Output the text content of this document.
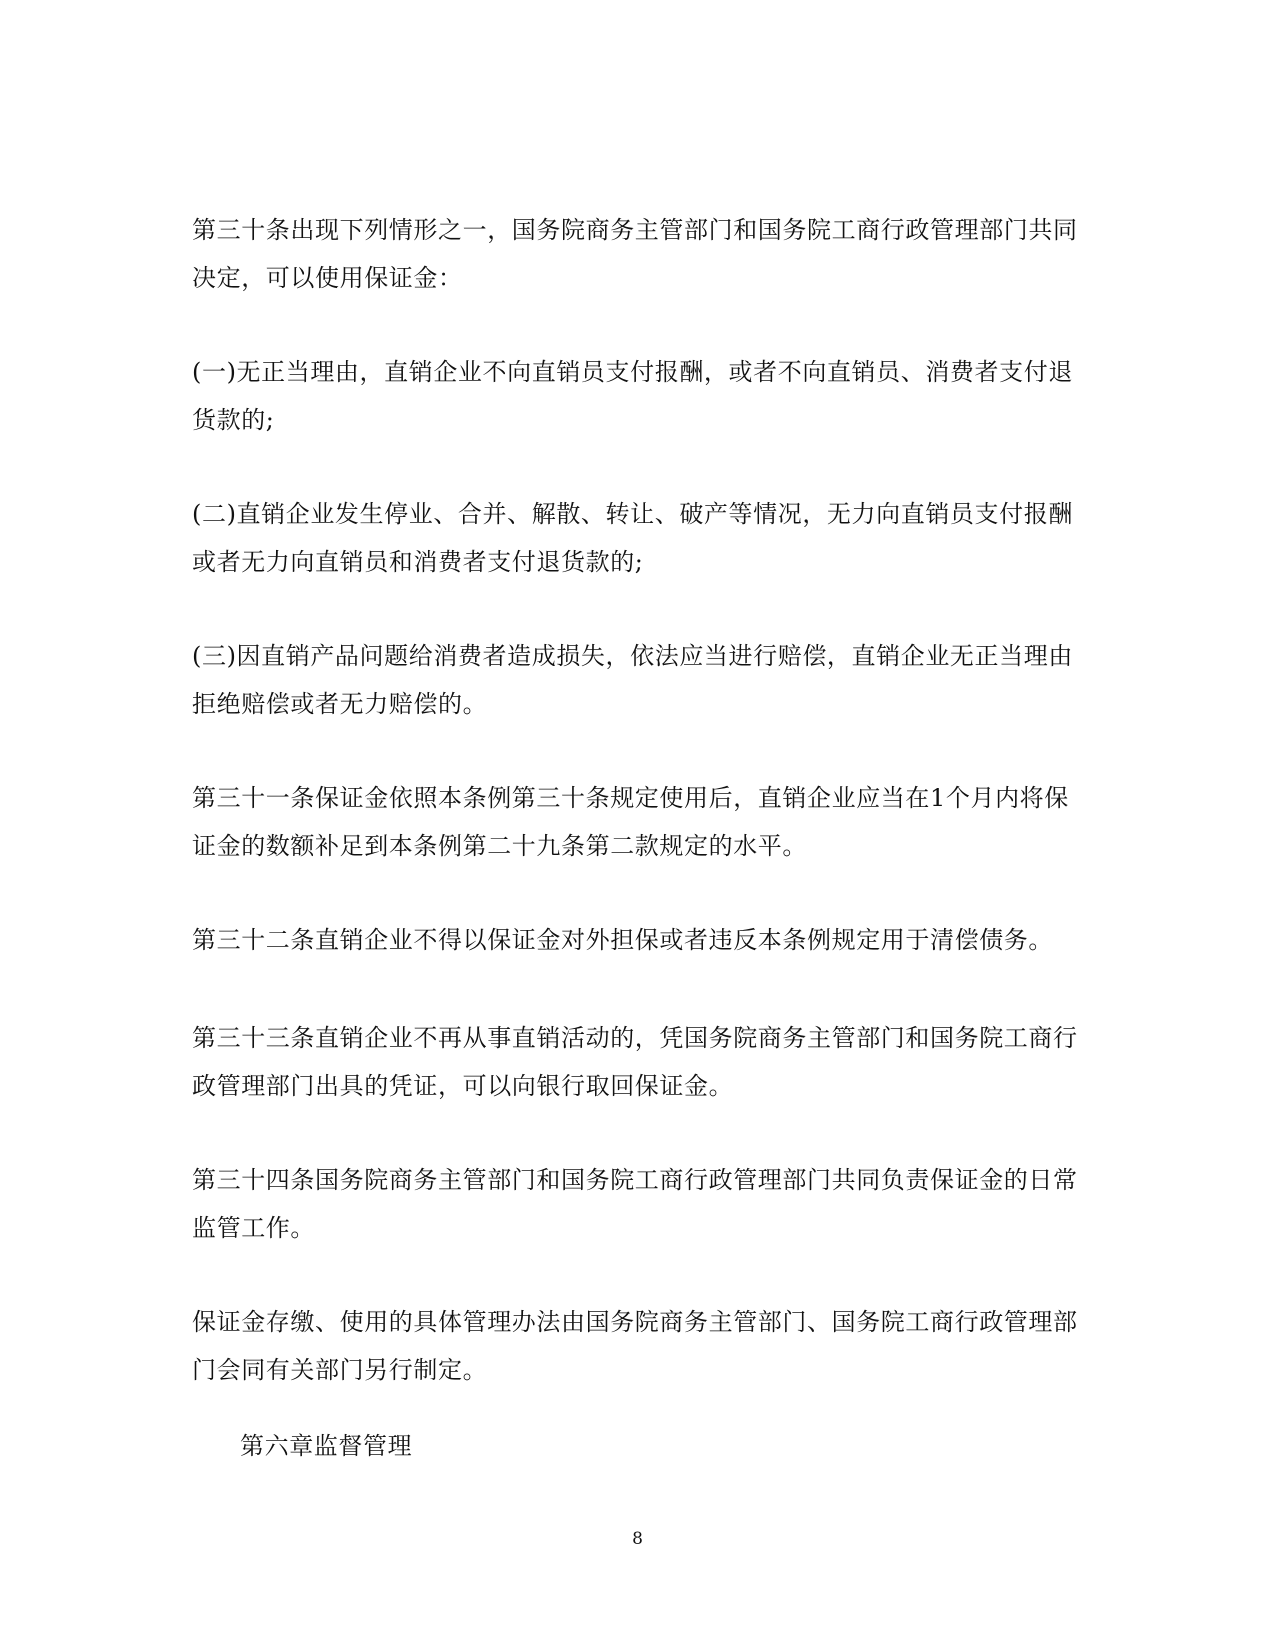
第三十条出现下列情形之一，国务院商务主管部门和国务院工商行政管理部门共同决定，可以使用保证金：

(一)无正当理由，直销企业不向直销员支付报酬，或者不向直销员、消费者支付退货款的;

(二)直销企业发生停业、合并、解散、转让、破产等情况，无力向直销员支付报酬或者无力向直销员和消费者支付退货款的;

(三)因直销产品问题给消费者造成损失，依法应当进行赔偿，直销企业无正当理由拒绝赔偿或者无力赔偿的。

第三十一条保证金依照本条例第三十条规定使用后，直销企业应当在1个月内将保证金的数额补足到本条例第二十九条第二款规定的水平。

第三十二条直销企业不得以保证金对外担保或者违反本条例规定用于清偿债务。

第三十三条直销企业不再从事直销活动的，凭国务院商务主管部门和国务院工商行政管理部门出具的凭证，可以向银行取回保证金。

第三十四条国务院商务主管部门和国务院工商行政管理部门共同负责保证金的日常监管工作。

保证金存缴、使用的具体管理办法由国务院商务主管部门、国务院工商行政管理部门会同有关部门另行制定。

第六章监督管理

8
